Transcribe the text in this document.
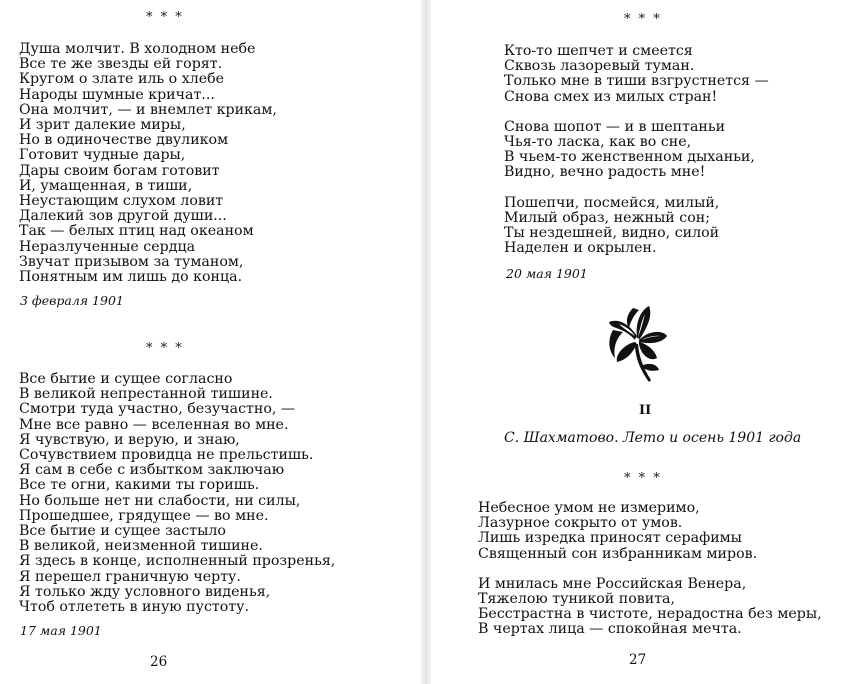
* * *
Душа молчит. В холодном небе
Все те же звезды ей горят.
Кругом о злате иль о хлебе
Народы шумные кричат...
Она молчит, — и внемлет крикам,
И зрит далекие миры,
Но в одиночестве двуликом
Готовит чудные дары,
Дары своим богам готовит
И, умащенная, в тиши,
Неустающим слухом ловит
Далекий зов другой души...
Так — белых птиц над океаном
Неразлученные сердца
Звучат призывом за туманом,
Понятным им лишь до конца.
3 февраля 1901
* * *
Все бытие и сущее согласно
В великой непрестанной тишине.
Смотри туда участно, безучастно, —
Мне все равно — вселенная во мне.
Я чувствую, и верую, и знаю,
Сочувствием провидца не прельстишь.
Я сам в себе с избытком заключаю
Все те огни, какими ты горишь.
Но больше нет ни слабости, ни силы,
Прошедшее, грядущее — во мне.
Все бытие и сущее застыло
В великой, неизменной тишине.
Я здесь в конце, исполненный прозренья,
Я перешел граничную черту.
Я только жду условного виденья,
Чтоб отлететь в иную пустоту.
17 мая 1901
26
* * *
Кто-то шепчет и смеется
Сквозь лазоревый туман.
Только мне в тиши взгрустнется —
Снова смех из милых стран!
Снова шопот — и в шептаньи
Чья-то ласка, как во сне,
В чьем-то женственном дыханьи,
Видно, вечно радость мне!
Пошепчи, посмейся, милый,
Милый образ, нежный сон;
Ты нездешней, видно, силой
Наделен и окрылен.
20 мая 1901
II
С. Шахматово. Лето и осень 1901 года
* * *
Небесное умом не измеримо,
Лазурное сокрыто от умов.
Лишь изредка приносят серафимы
Священный сон избранникам миров.
И мнилась мне Российская Венера,
Тяжелою туникой повита,
Бесстрастна в чистоте, нерадостна без меры,
В чертах лица — спокойная мечта.
27
